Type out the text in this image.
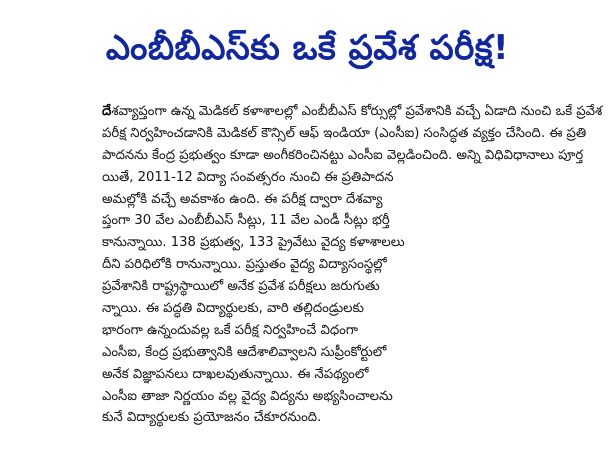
ఎంబీబీఎస్‌కు ఒకే ప్రవేశ పరీక్ష!
దేశవ్యాప్తంగా ఉన్న మెడికల్ కళాశాలల్లో ఎంబీబీఎస్ కోర్సుల్లో ప్రవేశానికి వచ్చే ఏడాది నుంచి ఒకే ప్రవేశ
పరీక్ష నిర్వహించడానికి మెడికల్ కౌన్సిల్ ఆఫ్ ఇండియా (ఎంసీఐ) సంసిద్ధత వ్యక్తం చేసింది. ఈ ప్రతి
పాదనను కేంద్ర ప్రభుత్వం కూడా అంగీకరించినట్టు ఎంసీఐ వెల్లడించింది. అన్ని విధివిధానాలు పూర్త
యితే, 2011-12 విద్యా సంవత్సరం నుంచి ఈ ప్రతిపాదన
అమల్లోకి వచ్చే అవకాశం ఉంది. ఈ పరీక్ష ద్వారా దేశవ్యా
ప్తంగా 30 వేల ఎంబీబీఎస్ సీట్లు, 11 వేల ఎండీ సీట్లు భర్తీ
కానున్నాయి. 138 ప్రభుత్వ, 133 ప్రైవేటు వైద్య కళాశాలలు
దీని పరిధిలోకి రానున్నాయి. ప్రస్తుతం వైద్య విద్యాసంస్థల్లో
ప్రవేశానికి రాష్ట్రస్థాయిలో అనేక ప్రవేశ పరీక్షలు జరుగుతు
న్నాయి. ఈ పద్ధతి విద్యార్థులకు, వారి తల్లిదండ్రులకు
భారంగా ఉన్నందువల్ల ఒకే పరీక్ష నిర్వహించే విధంగా
ఎంసీఐ, కేంద్ర ప్రభుత్వానికి ఆదేశాలివ్వాలని సుప్రీంకోర్టులో
అనేక విజ్ఞాపనలు దాఖలవుతున్నాయి. ఈ నేపథ్యంలో
ఎంసీఐ తాజా నిర్ణయం వల్ల వైద్య విద్యను అభ్యసించాలను
కునే విద్యార్థులకు ప్రయోజనం చేకూరనుంది.
